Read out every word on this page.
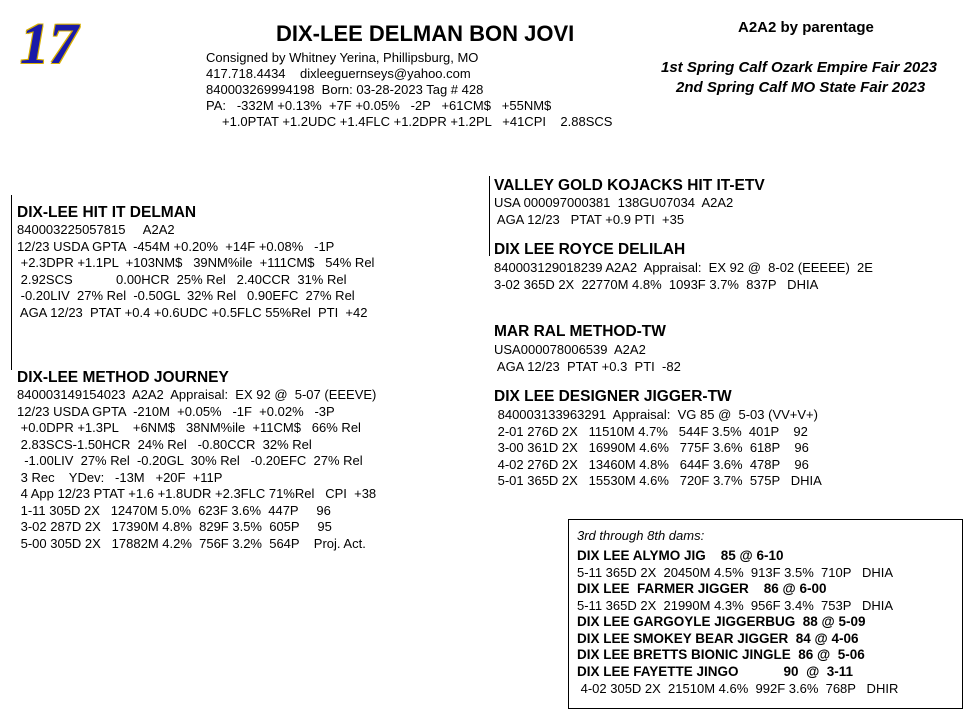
17	DIX-LEE DELMAN BON JOVI	A2A2 by parentage
Consigned by Whitney Yerina, Phillipsburg, MO
417.718.4434    dixleeguernseys@yahoo.com
840003269994198  Born: 03-28-2023 Tag # 428
PA:   -332M +0.13%  +7F +0.05%   -2P   +61CM$   +55NM$
+1.0PTAT +1.2UDC +1.4FLC +1.2DPR +1.2PL   +41CPI    2.88SCS
1st Spring Calf Ozark Empire Fair 2023
2nd Spring Calf MO State Fair 2023
DIX-LEE HIT IT DELMAN
840003225057815     A2A2
12/23 USDA GPTA  -454M +0.20%  +14F +0.08%   -1P
+2.3DPR +1.1PL  +103NM$   39NM%ile  +111CM$   54% Rel
2.92SCS            0.00HCR  25% Rel   2.40CCR  31% Rel
-0.20LIV  27% Rel  -0.50GL  32% Rel   0.90EFC  27% Rel
AGA 12/23  PTAT +0.4 +0.6UDC +0.5FLC 55%Rel  PTI  +42
VALLEY GOLD KOJACKS HIT IT-ETV
USA 000097000381  138GU07034  A2A2
AGA 12/23   PTAT +0.9 PTI  +35
DIX LEE ROYCE DELILAH
840003129018239 A2A2  Appraisal:  EX 92 @  8-02 (EEEEE)  2E
3-02 365D 2X  22770M 4.8%  1093F 3.7%  837P   DHIA
DIX-LEE METHOD JOURNEY
840003149154023  A2A2  Appraisal:  EX 92 @  5-07 (EEEVE)
12/23 USDA GPTA  -210M  +0.05%   -1F  +0.02%   -3P
+0.0DPR +1.3PL    +6NM$   38NM%ile  +11CM$   66% Rel
2.83SCS-1.50HCR  24% Rel   -0.80CCR  32% Rel
-1.00LIV  27% Rel  -0.20GL  30% Rel   -0.20EFC  27% Rel
3 Rec    YDev:   -13M   +20F  +11P
4 App 12/23 PTAT +1.6 +1.8UDR +2.3FLC 71%Rel   CPI  +38
1-11 305D 2X   12470M 5.0%  623F 3.6%  447P     96
3-02 287D 2X   17390M 4.8%  829F 3.5%  605P     95
5-00 305D 2X   17882M 4.2%  756F 3.2%  564P    Proj. Act.
MAR RAL METHOD-TW
USA000078006539  A2A2
AGA 12/23  PTAT +0.3  PTI  -82
DIX LEE DESIGNER JIGGER-TW
840003133963291  Appraisal:  VG 85 @  5-03 (VV+V+)
2-01 276D 2X   11510M 4.7%   544F 3.5%  401P    92
3-00 361D 2X   16990M 4.6%   775F 3.6%  618P    96
4-02 276D 2X   13460M 4.8%   644F 3.6%  478P    96
5-01 365D 2X   15530M 4.6%   720F 3.7%  575P   DHIA
3rd through 8th dams:
DIX LEE ALYMO JIG    85 @ 6-10
5-11 365D 2X  20450M 4.5%  913F 3.5%  710P   DHIA
DIX LEE  FARMER JIGGER    86 @ 6-00
5-11 365D 2X  21990M 4.3%  956F 3.4%  753P   DHIA
DIX LEE GARGOYLE JIGGERBUG  88 @ 5-09
DIX LEE SMOKEY BEAR JIGGER  84 @ 4-06
DIX LEE BRETTS BIONIC JINGLE  86 @  5-06
DIX LEE FAYETTE JINGO            90  @  3-11
4-02 305D 2X  21510M 4.6%  992F 3.6%  768P   DHIR
